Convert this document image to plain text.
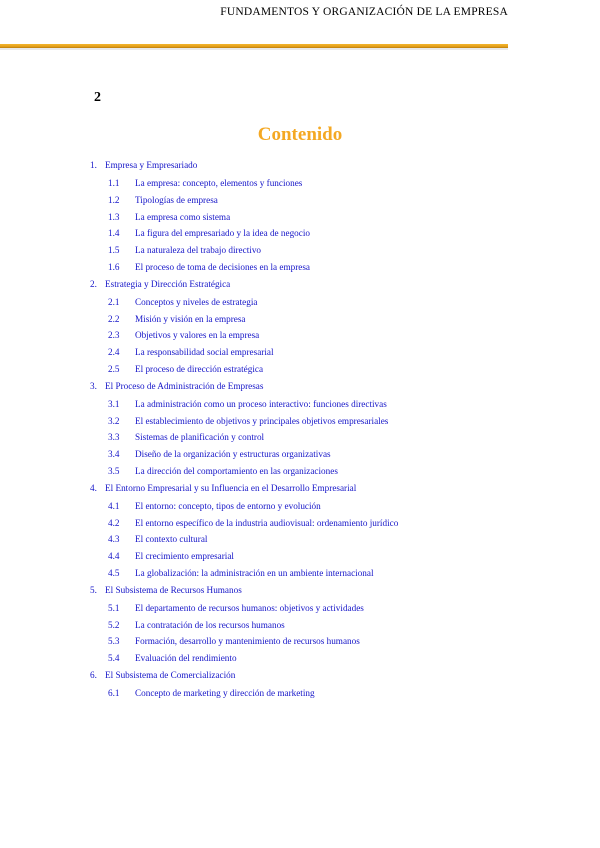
FUNDAMENTOS Y ORGANIZACIÓN DE LA EMPRESA
2
Contenido
1. Empresa y Empresariado
1.1 La empresa: concepto, elementos y funciones
1.2 Tipologías de empresa
1.3 La empresa como sistema
1.4 La figura del empresariado y la idea de negocio
1.5 La naturaleza del trabajo directivo
1.6 El proceso de toma de decisiones en la empresa
2. Estrategia y Dirección Estratégica
2.1 Conceptos y niveles de estrategia
2.2 Misión y visión en la empresa
2.3 Objetivos y valores en la empresa
2.4 La responsabilidad social empresarial
2.5 El proceso de dirección estratégica
3. El Proceso de Administración de Empresas
3.1 La administración como un proceso interactivo: funciones directivas
3.2 El establecimiento de objetivos y principales objetivos empresariales
3.3 Sistemas de planificación y control
3.4 Diseño de la organización y estructuras organizativas
3.5 La dirección del comportamiento en las organizaciones
4. El Entorno Empresarial y su Influencia en el Desarrollo Empresarial
4.1 El entorno: concepto, tipos de entorno y evolución
4.2 El entorno específico de la industria audiovisual: ordenamiento jurídico
4.3 El contexto cultural
4.4 El crecimiento empresarial
4.5 La globalización: la administración en un ambiente internacional
5. El Subsistema de Recursos Humanos
5.1 El departamento de recursos humanos: objetivos y actividades
5.2 La contratación de los recursos humanos
5.3 Formación, desarrollo y mantenimiento de recursos humanos
5.4 Evaluación del rendimiento
6. El Subsistema de Comercialización
6.1 Concepto de marketing y dirección de marketing
